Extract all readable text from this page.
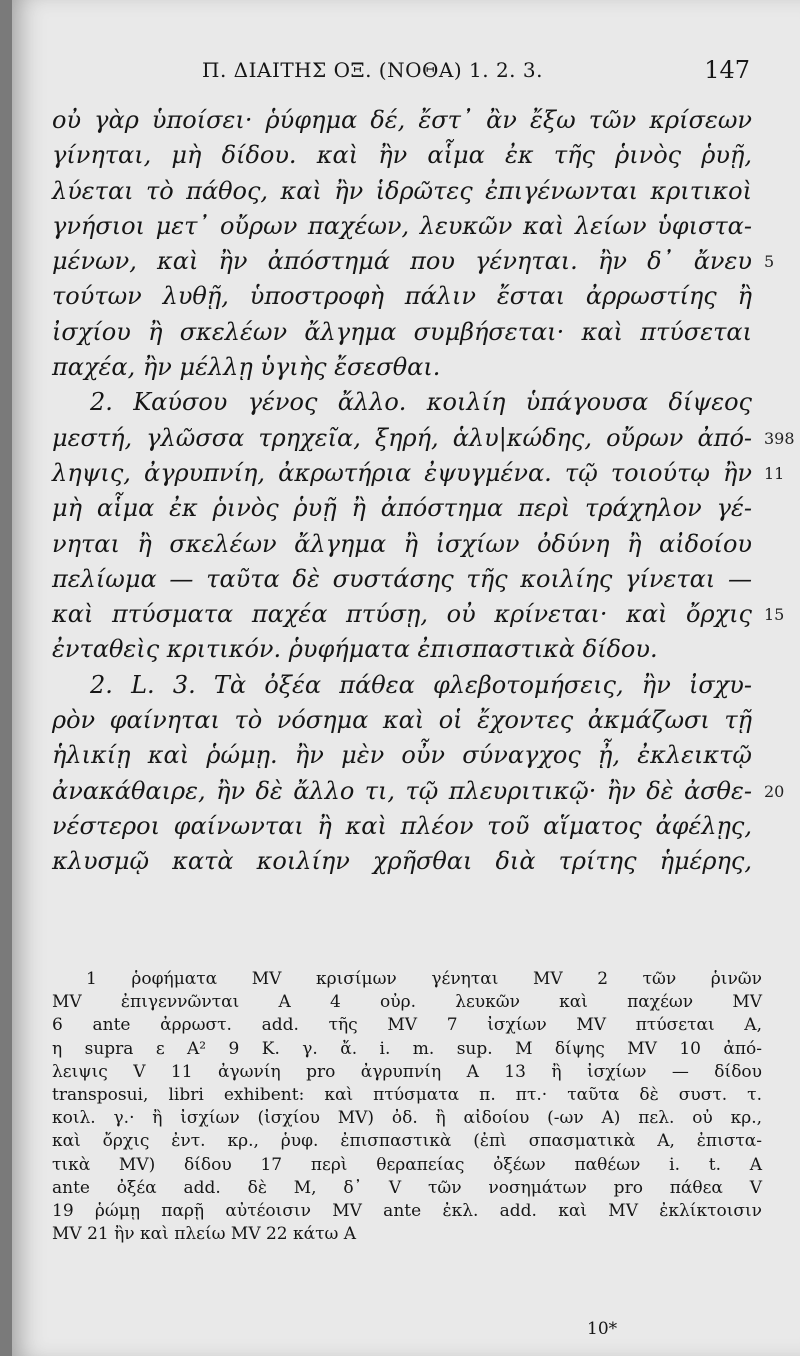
Π. ΔΙΑΙΤΗΣ ΟΞ. (ΝΟΘΑ) 1. 2. 3.	147
οὐ γὰρ ὑποίσει· ῥύφημα δέ, ἔστ᾽ ἂν ἔξω τῶν κρίσεων
γίνηται, μὴ δίδου. καὶ ἢν αἷμα ἐκ τῆς ῥινὸς ῥυῇ,
λύεται τὸ πάθος, καὶ ἢν ἱδρῶτες ἐπιγένωνται κριτικοὶ
γνήσιοι μετ᾽ οὔρων παχέων, λευκῶν καὶ λείων ὑφιστα-
μένων, καὶ ἢν ἀπόστημά που γένηται. ἢν δ᾽ ἄνευ 5
τούτων λυθῇ, ὑποστροφὴ πάλιν ἔσται ἀρρωστίης ἢ
ἰσχίου ἢ σκελέων ἄλγημα συμβήσεται· καὶ πτύσεται
παχέα, ἢν μέλλῃ ὑγιὴς ἔσεσθαι.
2. Καύσου γένος ἄλλο. κοιλίη ὑπάγουσα δίψεος
μεστή, γλῶσσα τρηχεῖα, ξηρή, ἁλυ|κώδης, οὔρων ἀπό- 398
ληψις, ἀγρυπνίη, ἀκρωτήρια ἐψυγμένα. τῷ τοιούτῳ ἢν 11
μὴ αἷμα ἐκ ῥινὸς ῥυῇ ἢ ἀπόστημα περὶ τράχηλον γέ-
νηται ἢ σκελέων ἄλγημα ἢ ἰσχίων ὀδύνη ἢ αἰδοίου
πελίωμα — ταῦτα δὲ συστάσης τῆς κοιλίης γίνεται —
καὶ πτύσματα παχέα πτύσῃ, οὐ κρίνεται· καὶ ὄρχις 15
ἐνταθεὶς κριτικόν. ῥυφήματα ἐπισπαστικὰ δίδου.
2. L. 3. Τὰ ὀξέα πάθεα φλεβοτομήσεις, ἢν ἰσχυ-
ρὸν φαίνηται τὸ νόσημα καὶ οἱ ἔχοντες ἀκμάζωσι τῇ
ἡλικίῃ καὶ ῥώμῃ. ἢν μὲν οὖν σύναγχος ᾖ, ἐκλεικτῷ
ἀνακάθαιρε, ἢν δὲ ἄλλο τι, τῷ πλευριτικῷ· ἢν δὲ ἀσθε- 20
νέστεροι φαίνωνται ἢ καὶ πλέον τοῦ αἵματος ἀφέλῃς,
κλυσμῷ κατὰ κοιλίην χρῆσθαι διὰ τρίτης ἡμέρης,
1 ῥοφήματα MV κρισίμων γένηται MV 2 τῶν ῥινῶν
MV ἐπιγεννῶνται A 4 οὐρ. λευκῶν καὶ παχέων MV
6 ante ἀρρωστ. add. τῆς MV 7 ἰσχίων MV πτύσεται A,
η supra ε A² 9 Κ. γ. ἄ. i. m. sup. M δίψης MV 10 ἀπό-
λειψις V 11 ἀγωνίη pro ἀγρυπνίη A 13 ἢ ἰσχίων — δίδου
transposui, libri exhibent: καὶ πτύσματα π. πτ.· ταῦτα δὲ συστ. τ.
κοιλ. γ.· ἢ ἰσχίων (ἰσχίου MV) ὀδ. ἢ αἰδοίου (-ων A) πελ. οὐ κρ.,
καὶ ὄρχις ἐντ. κρ., ῥυφ. ἐπισπαστικὰ (ἐπὶ σπασματικὰ A, ἐπιστα-
τικὰ MV) δίδου 17 περὶ θεραπείας ὀξέων παθέων i. t. A
ante ὀξέα add. δὲ M, δ᾽ V τῶν νοσημάτων pro πάθεα V
19 ῥώμῃ παρῇ αὐτέοισιν MV ante ἐκλ. add. καὶ MV ἐκλίκτοισιν
MV 21 ἢν καὶ πλείω MV 22 κάτω A
10*
